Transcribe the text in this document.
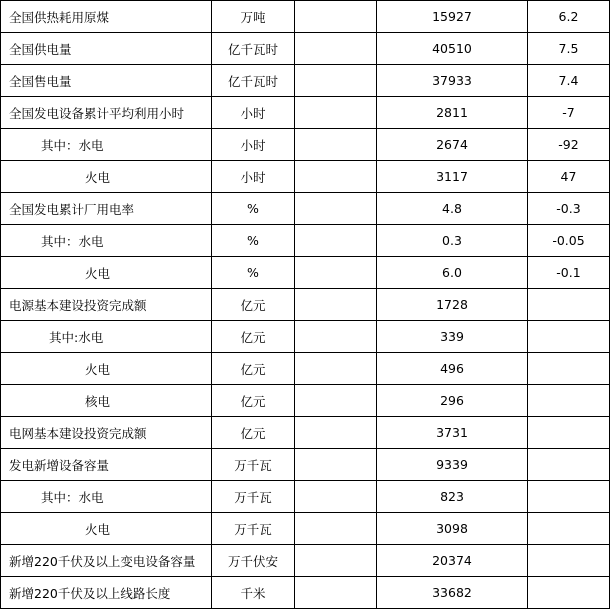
全国供热耗用原煤	万吨		15927	6.2
全国供电量	亿千瓦时		40510	7.5
全国售电量	亿千瓦时		37933	7.4
全国发电设备累计平均利用小时	小时		2811	-7
其中：水电	小时		2674	-92
火电	小时		3117	47
全国发电累计厂用电率	%		4.8	-0.3
其中：水电	%		0.3	-0.05
火电	%		6.0	-0.1
电源基本建设投资完成额	亿元		1728	
其中:水电	亿元		339	
火电	亿元		496	
核电	亿元		296	
电网基本建设投资完成额	亿元		3731	
发电新增设备容量	万千瓦		9339	
其中：水电	万千瓦		823	
火电	万千瓦		3098	
新增220千伏及以上变电设备容量	万千伏安		20374	
新增220千伏及以上线路长度	千米		33682	
